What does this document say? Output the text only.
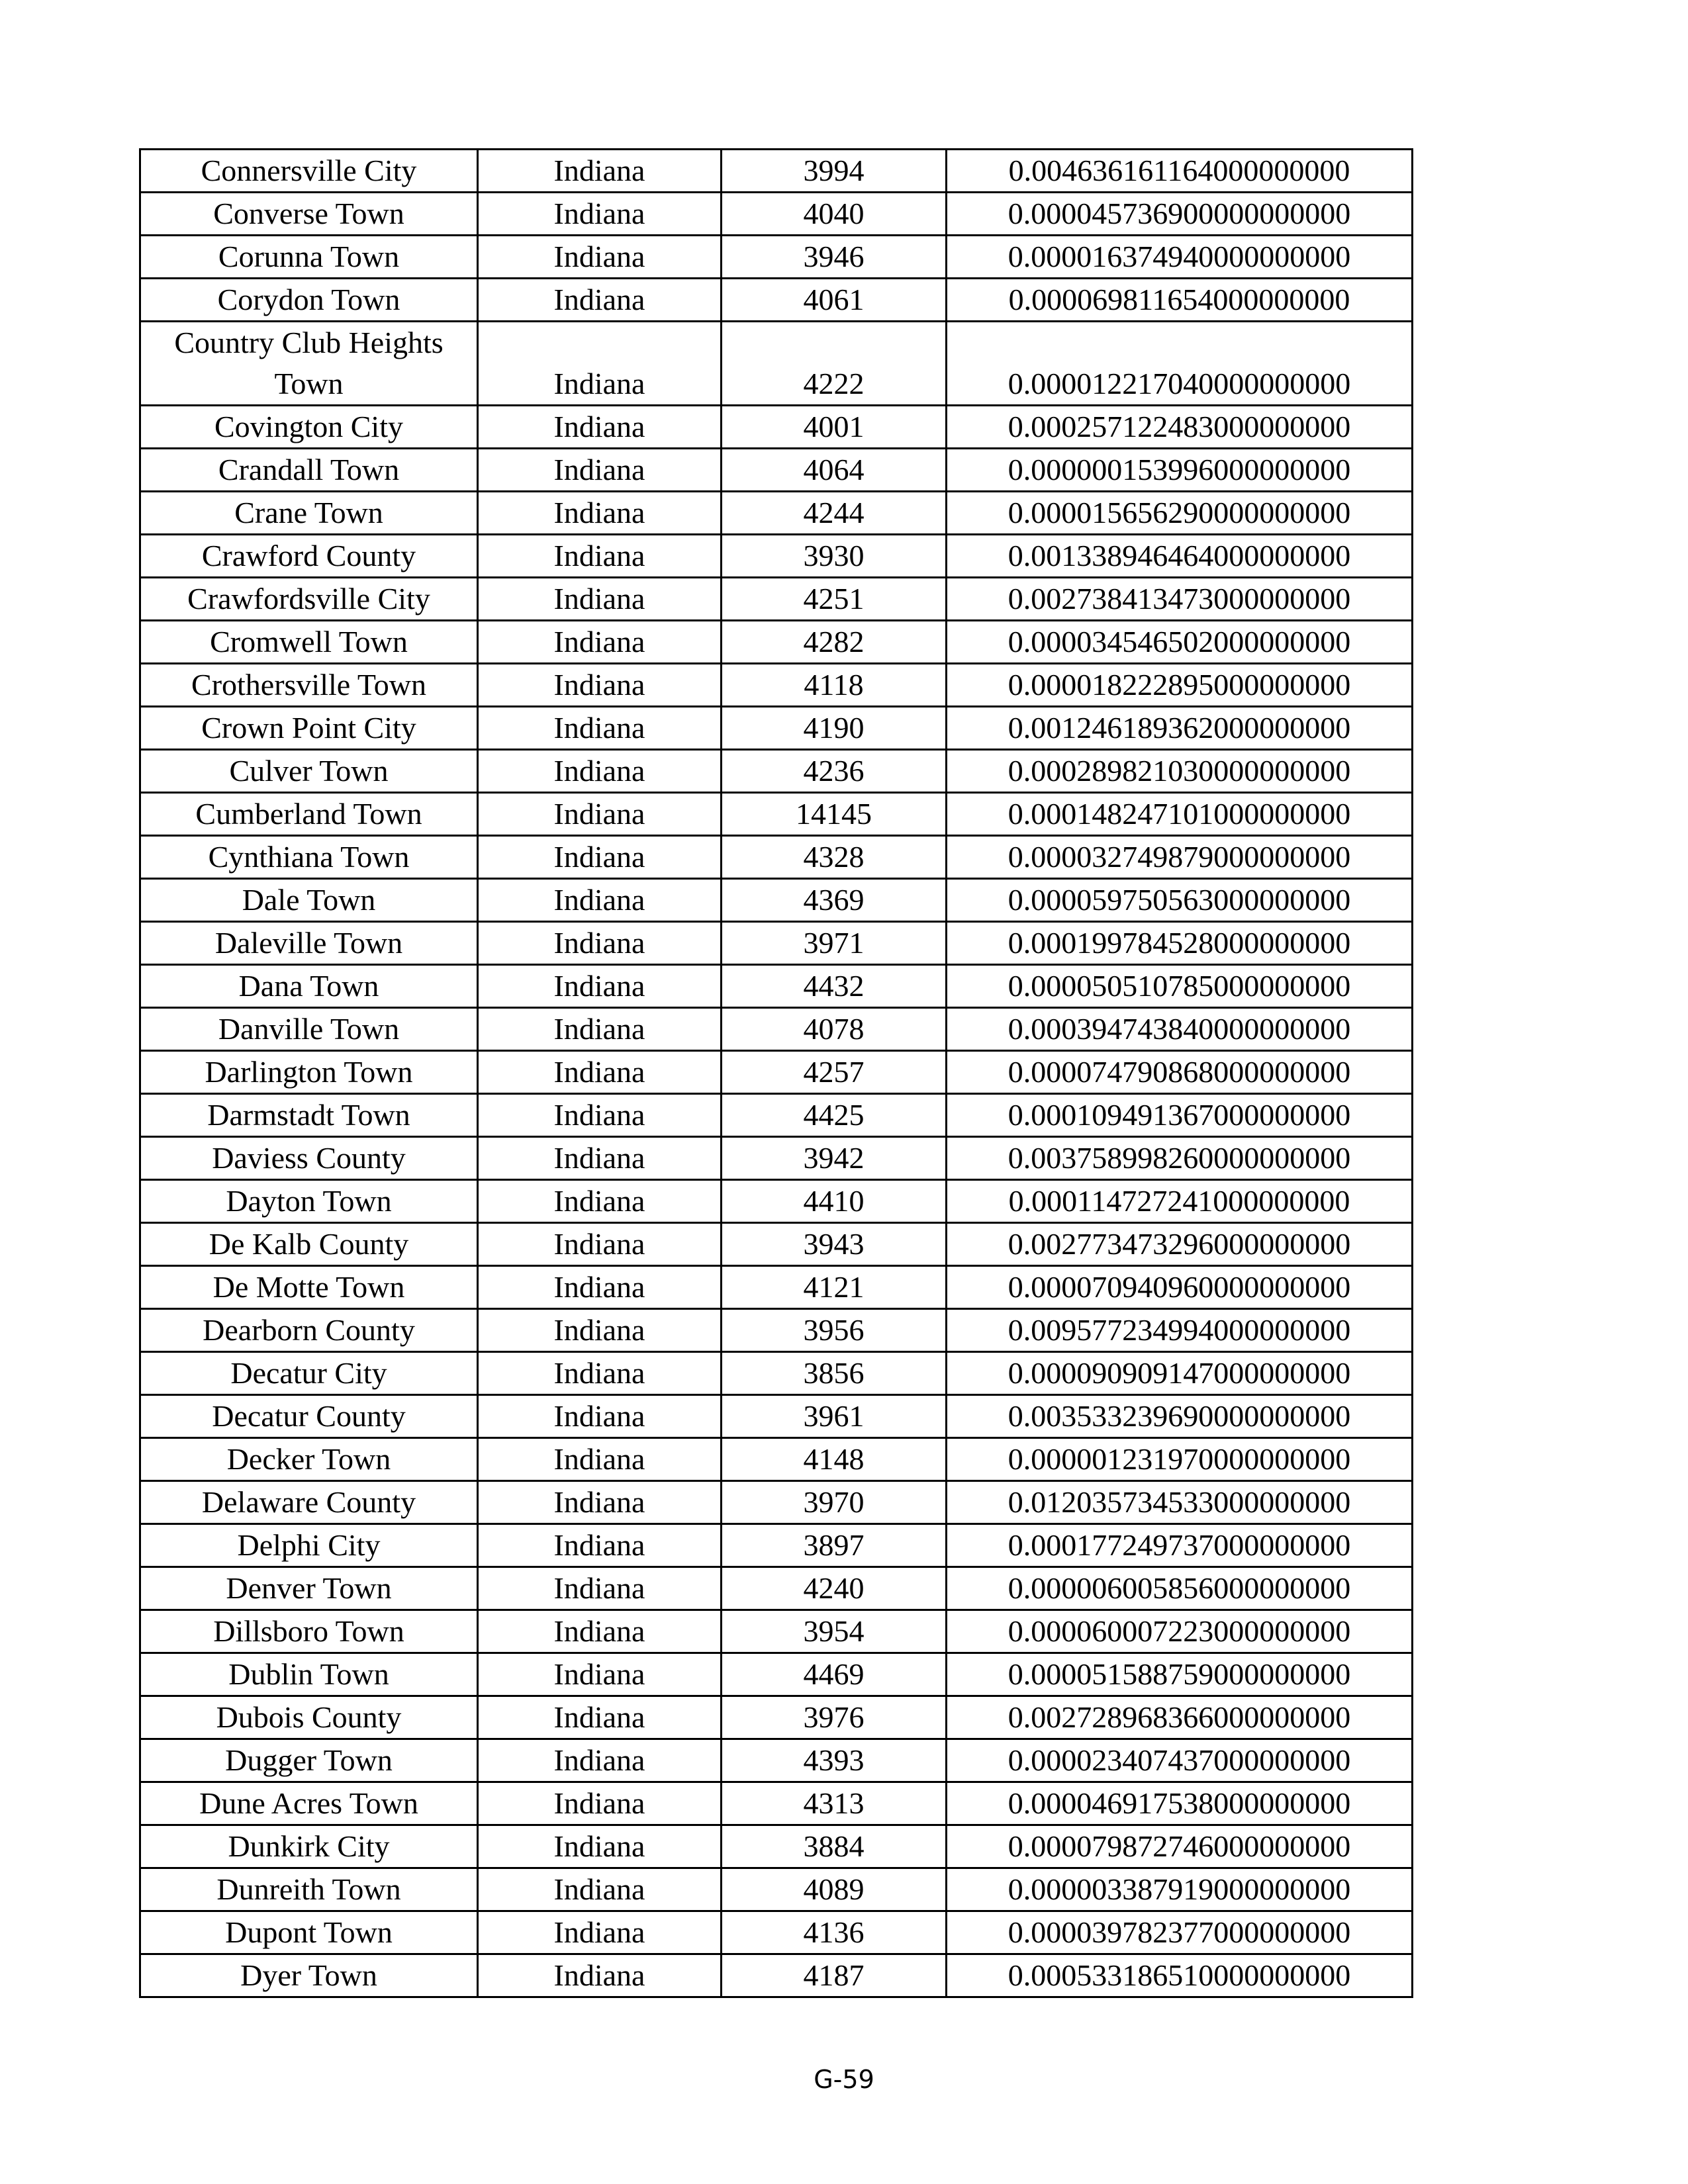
Connersville City	Indiana	3994	0.004636161164000000000
Converse Town	Indiana	4040	0.000045736900000000000
Corunna Town	Indiana	3946	0.000016374940000000000
Corydon Town	Indiana	4061	0.000069811654000000000
Country Club Heights Town	Indiana	4222	0.000012217040000000000
Covington City	Indiana	4001	0.000257122483000000000
Crandall Town	Indiana	4064	0.000000153996000000000
Crane Town	Indiana	4244	0.000015656290000000000
Crawford County	Indiana	3930	0.001338946464000000000
Crawfordsville City	Indiana	4251	0.002738413473000000000
Cromwell Town	Indiana	4282	0.000034546502000000000
Crothersville Town	Indiana	4118	0.000018222895000000000
Crown Point City	Indiana	4190	0.001246189362000000000
Culver Town	Indiana	4236	0.000289821030000000000
Cumberland Town	Indiana	14145	0.000148247101000000000
Cynthiana Town	Indiana	4328	0.000032749879000000000
Dale Town	Indiana	4369	0.000059750563000000000
Daleville Town	Indiana	3971	0.000199784528000000000
Dana Town	Indiana	4432	0.000050510785000000000
Danville Town	Indiana	4078	0.000394743840000000000
Darlington Town	Indiana	4257	0.000074790868000000000
Darmstadt Town	Indiana	4425	0.000109491367000000000
Daviess County	Indiana	3942	0.003758998260000000000
Dayton Town	Indiana	4410	0.000114727241000000000
De Kalb County	Indiana	3943	0.002773473296000000000
De Motte Town	Indiana	4121	0.000070940960000000000
Dearborn County	Indiana	3956	0.009577234994000000000
Decatur City	Indiana	3856	0.000090909147000000000
Decatur County	Indiana	3961	0.003533239690000000000
Decker Town	Indiana	4148	0.000001231970000000000
Delaware County	Indiana	3970	0.012035734533000000000
Delphi City	Indiana	3897	0.000177249737000000000
Denver Town	Indiana	4240	0.000006005856000000000
Dillsboro Town	Indiana	3954	0.000060007223000000000
Dublin Town	Indiana	4469	0.000051588759000000000
Dubois County	Indiana	3976	0.002728968366000000000
Dugger Town	Indiana	4393	0.000023407437000000000
Dune Acres Town	Indiana	4313	0.000046917538000000000
Dunkirk City	Indiana	3884	0.000079872746000000000
Dunreith Town	Indiana	4089	0.000003387919000000000
Dupont Town	Indiana	4136	0.000039782377000000000
Dyer Town	Indiana	4187	0.000533186510000000000
G-59
